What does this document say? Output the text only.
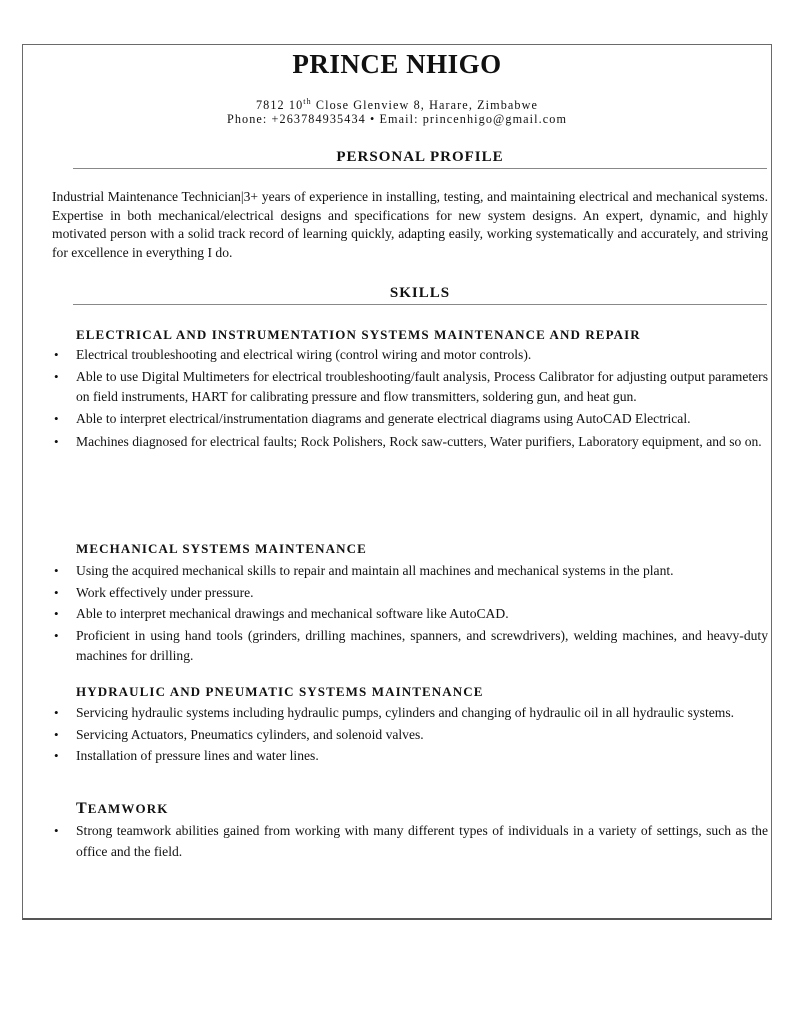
PRINCE NHIGO
7812 10th Close Glenview 8, Harare, Zimbabwe
Phone: +263784935434 • Email: princenhigo@gmail.com
PERSONAL PROFILE
Industrial Maintenance Technician|3+ years of experience in installing, testing, and maintaining electrical and mechanical systems. Expertise in both mechanical/electrical designs and specifications for new system designs. An expert, dynamic, and highly motivated person with a solid track record of learning quickly, adapting easily, working systematically and accurately, and striving for excellence in everything I do.
SKILLS
ELECTRICAL AND INSTRUMENTATION SYSTEMS MAINTENANCE AND REPAIR
• Electrical troubleshooting and electrical wiring (control wiring and motor controls).
• Able to use Digital Multimeters for electrical troubleshooting/fault analysis, Process Calibrator for adjusting output parameters on field instruments, HART for calibrating pressure and flow transmitters, soldering gun, and heat gun.
• Able to interpret electrical/instrumentation diagrams and generate electrical diagrams using AutoCAD Electrical.
• Machines diagnosed for electrical faults; Rock Polishers, Rock saw-cutters, Water purifiers, Laboratory equipment, and so on.
MECHANICAL SYSTEMS MAINTENANCE
• Using the acquired mechanical skills to repair and maintain all machines and mechanical systems in the plant.
• Work effectively under pressure.
• Able to interpret mechanical drawings and mechanical software like AutoCAD.
• Proficient in using hand tools (grinders, drilling machines, spanners, and screwdrivers), welding machines, and heavy-duty machines for drilling.
HYDRAULIC AND PNEUMATIC SYSTEMS MAINTENANCE
• Servicing hydraulic systems including hydraulic pumps, cylinders and changing of hydraulic oil in all hydraulic systems.
• Servicing Actuators, Pneumatics cylinders, and solenoid valves.
• Installation of pressure lines and water lines.
TEAMWORK
• Strong teamwork abilities gained from working with many different types of individuals in a variety of settings, such as the office and the field.
